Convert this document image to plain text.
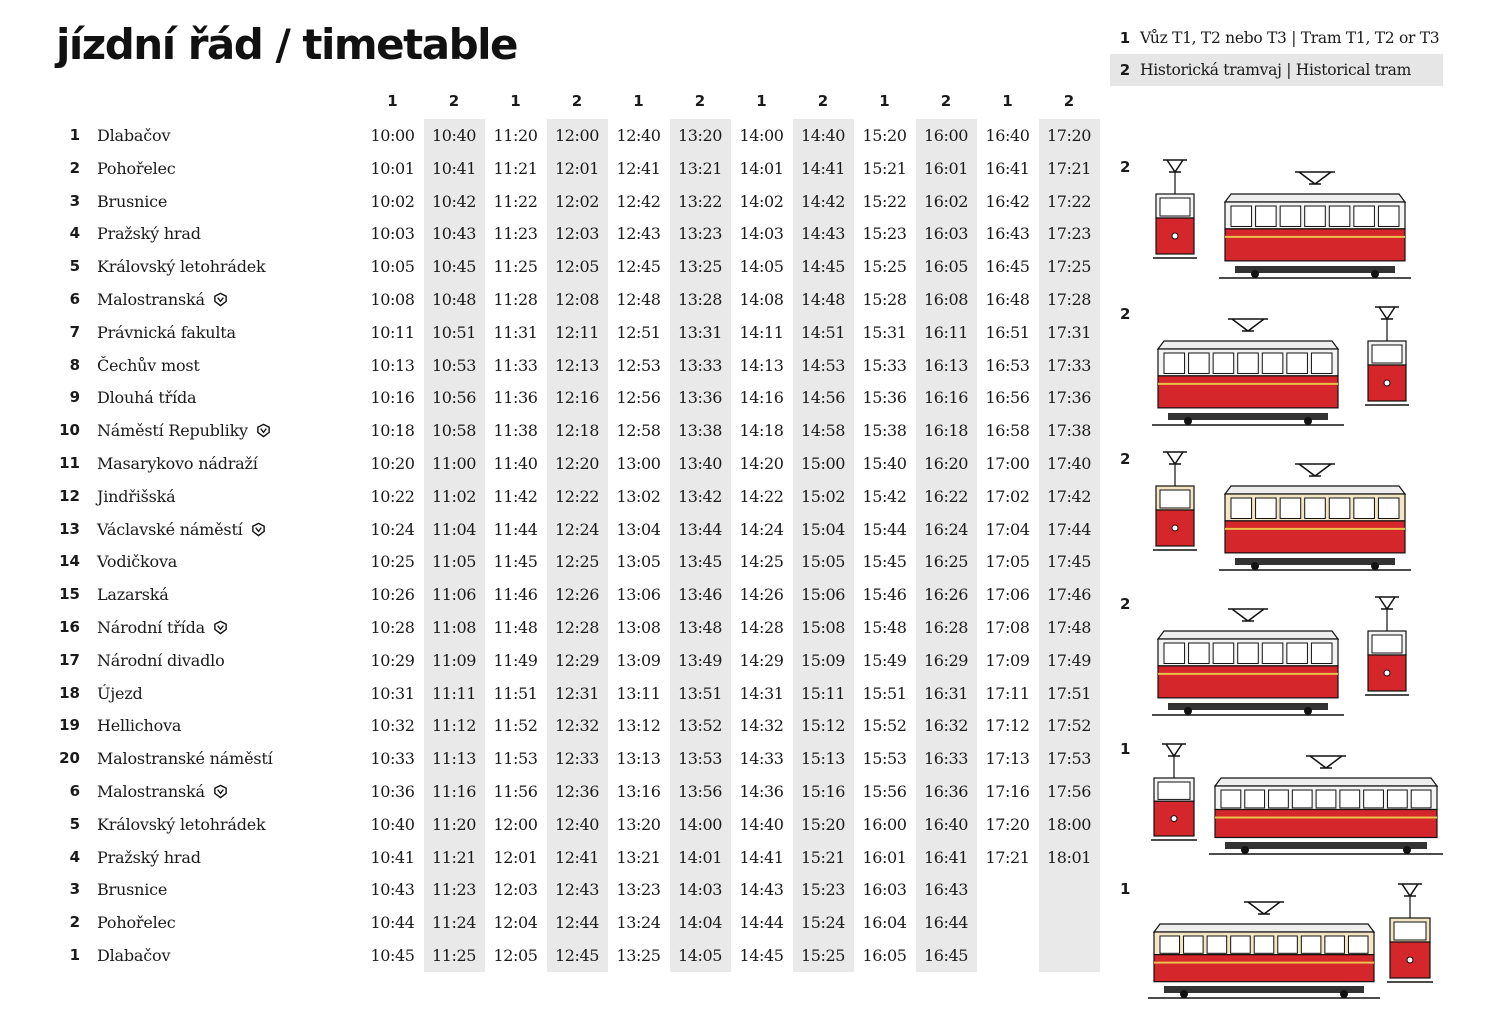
jízdní řád / timetable	1 Vůz T1, T2 nebo T3 | Tram T1, T2 or T3
2 Historická tramvaj | Historical tram
1	2	1	2	1	2	1	2	1	2	1	2
1 Dlabačov	10:00	10:40	11:20	12:00	12:40	13:20	14:00	14:40	15:20	16:00	16:40	17:20
2 Pohořelec	10:01	10:41	11:21	12:01	12:41	13:21	14:01	14:41	15:21	16:01	16:41	17:21
3 Brusnice	10:02	10:42	11:22	12:02	12:42	13:22	14:02	14:42	15:22	16:02	16:42	17:22
4 Pražský hrad	10:03	10:43	11:23	12:03	12:43	13:23	14:03	14:43	15:23	16:03	16:43	17:23
5 Královský letohrádek	10:05	10:45	11:25	12:05	12:45	13:25	14:05	14:45	15:25	16:05	16:45	17:25
6 Malostranská	10:08	10:48	11:28	12:08	12:48	13:28	14:08	14:48	15:28	16:08	16:48	17:28
7 Právnická fakulta	10:11	10:51	11:31	12:11	12:51	13:31	14:11	14:51	15:31	16:11	16:51	17:31
8 Čechův most	10:13	10:53	11:33	12:13	12:53	13:33	14:13	14:53	15:33	16:13	16:53	17:33
9 Dlouhá třída	10:16	10:56	11:36	12:16	12:56	13:36	14:16	14:56	15:36	16:16	16:56	17:36
10 Náměstí Republiky	10:18	10:58	11:38	12:18	12:58	13:38	14:18	14:58	15:38	16:18	16:58	17:38
11 Masarykovo nádraží	10:20	11:00	11:40	12:20	13:00	13:40	14:20	15:00	15:40	16:20	17:00	17:40
12 Jindřišská	10:22	11:02	11:42	12:22	13:02	13:42	14:22	15:02	15:42	16:22	17:02	17:42
13 Václavské náměstí	10:24	11:04	11:44	12:24	13:04	13:44	14:24	15:04	15:44	16:24	17:04	17:44
14 Vodičkova	10:25	11:05	11:45	12:25	13:05	13:45	14:25	15:05	15:45	16:25	17:05	17:45
15 Lazarská	10:26	11:06	11:46	12:26	13:06	13:46	14:26	15:06	15:46	16:26	17:06	17:46
16 Národní třída	10:28	11:08	11:48	12:28	13:08	13:48	14:28	15:08	15:48	16:28	17:08	17:48
17 Národní divadlo	10:29	11:09	11:49	12:29	13:09	13:49	14:29	15:09	15:49	16:29	17:09	17:49
18 Újezd	10:31	11:11	11:51	12:31	13:11	13:51	14:31	15:11	15:51	16:31	17:11	17:51
19 Hellichova	10:32	11:12	11:52	12:32	13:12	13:52	14:32	15:12	15:52	16:32	17:12	17:52
20 Malostranské náměstí	10:33	11:13	11:53	12:33	13:13	13:53	14:33	15:13	15:53	16:33	17:13	17:53
6 Malostranská	10:36	11:16	11:56	12:36	13:16	13:56	14:36	15:16	15:56	16:36	17:16	17:56
5 Královský letohrádek	10:40	11:20	12:00	12:40	13:20	14:00	14:40	15:20	16:00	16:40	17:20	18:00
4 Pražský hrad	10:41	11:21	12:01	12:41	13:21	14:01	14:41	15:21	16:01	16:41	17:21	18:01
3 Brusnice	10:43	11:23	12:03	12:43	13:23	14:03	14:43	15:23	16:03	16:43
2 Pohořelec	10:44	11:24	12:04	12:44	13:24	14:04	14:44	15:24	16:04	16:44
1 Dlabačov	10:45	11:25	12:05	12:45	13:25	14:05	14:45	15:25	16:05	16:45
2
2
2
2
1
1
